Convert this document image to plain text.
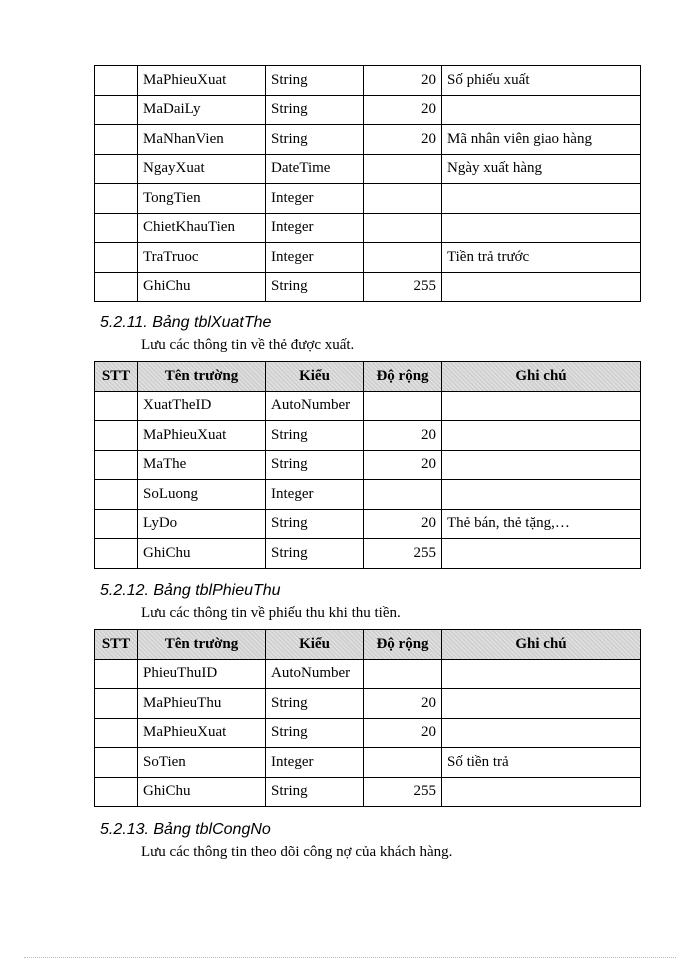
	MaPhieuXuat	String	20	Số phiếu xuất
	MaDaiLy	String	20	
	MaNhanVien	String	20	Mã nhân viên giao hàng
	NgayXuat	DateTime		Ngày xuất hàng
	TongTien	Integer		
	ChietKhauTien	Integer		
	TraTruoc	Integer		Tiền trả trước
	GhiChu	String	255	
5.2.11. Bảng tblXuatThe
Lưu các thông tin về thẻ được xuất.
STT	Tên trường	Kiểu	Độ rộng	Ghi chú
	XuatTheID	AutoNumber		
	MaPhieuXuat	String	20	
	MaThe	String	20	
	SoLuong	Integer		
	LyDo	String	20	Thẻ bán, thẻ tặng,…
	GhiChu	String	255	
5.2.12. Bảng tblPhieuThu
Lưu các thông tin về phiếu thu khi thu tiền.
STT	Tên trường	Kiểu	Độ rộng	Ghi chú
	PhieuThuID	AutoNumber		
	MaPhieuThu	String	20	
	MaPhieuXuat	String	20	
	SoTien	Integer		Số tiền trả
	GhiChu	String	255	
5.2.13. Bảng tblCongNo
Lưu các thông tin theo dõi công nợ của khách hàng.
